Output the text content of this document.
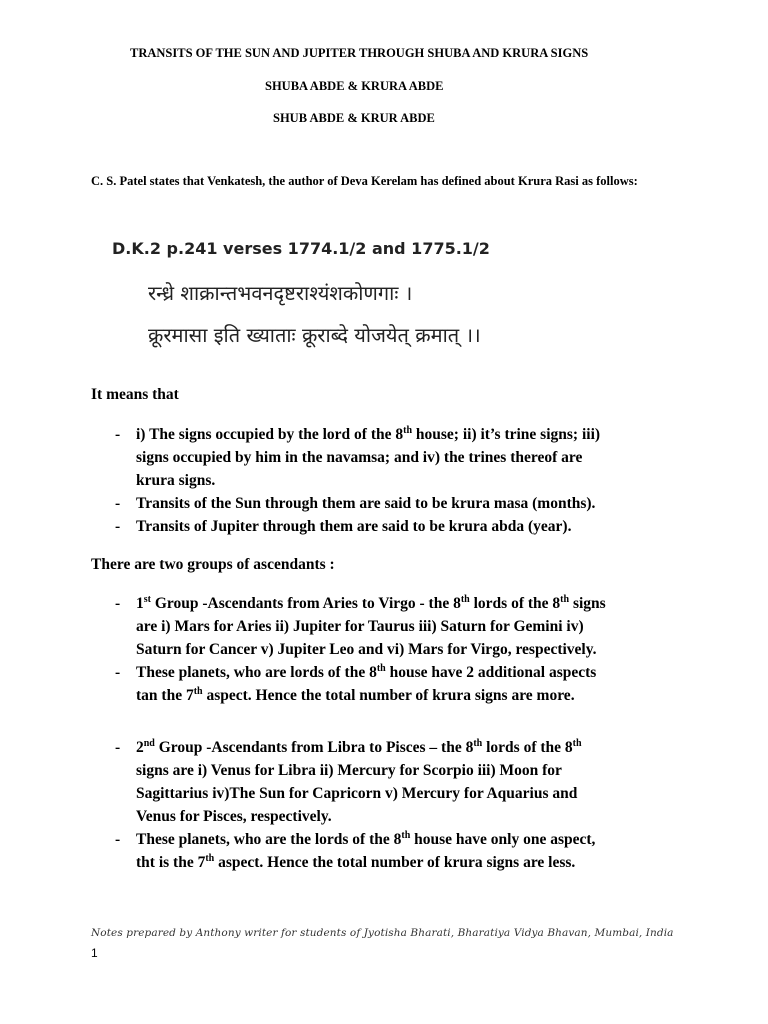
TRANSITS OF THE SUN AND JUPITER THROUGH SHUBA AND KRURA SIGNS
SHUBA ABDE & KRURA ABDE
SHUB ABDE & KRUR ABDE
C. S. Patel states that Venkatesh, the author of Deva Kerelam has defined about Krura Rasi as follows:
D.K.2 p.241 verses 1774.1/2 and 1775.1/2
रन्ध्रे शाक्रान्तभवनदृष्टराश्यंशकोणगाः ।
क्रूरमासा इति ख्याताः क्रूराब्दे योजयेत् क्रमात् ।।
It means that
- i) The signs occupied by the lord of the 8th house; ii) it’s trine signs; iii)
signs occupied by him in the navamsa; and iv) the trines thereof are
krura signs.
- Transits of the Sun through them are said to be krura masa (months).
- Transits of Jupiter through them are said to be krura abda (year).
There are two groups of ascendants :
- 1st Group -Ascendants from Aries to Virgo - the 8th lords of the 8th signs
are i) Mars for Aries ii) Jupiter for Taurus iii) Saturn for Gemini iv)
Saturn for Cancer v) Jupiter Leo and vi) Mars for Virgo, respectively.
- These planets, who are lords of the 8th house have 2 additional aspects
tan the 7th aspect. Hence the total number of krura signs are more.
- 2nd Group -Ascendants from Libra to Pisces – the 8th lords of the 8th
signs are i) Venus for Libra ii) Mercury for Scorpio iii) Moon for
Sagittarius iv)The Sun for Capricorn v) Mercury for Aquarius and
Venus for Pisces, respectively.
- These planets, who are the lords of the 8th house have only one aspect,
tht is the 7th aspect. Hence the total number of krura signs are less.
Notes prepared by Anthony writer for students of Jyotisha Bharati, Bharatiya Vidya Bhavan, Mumbai, India
1
